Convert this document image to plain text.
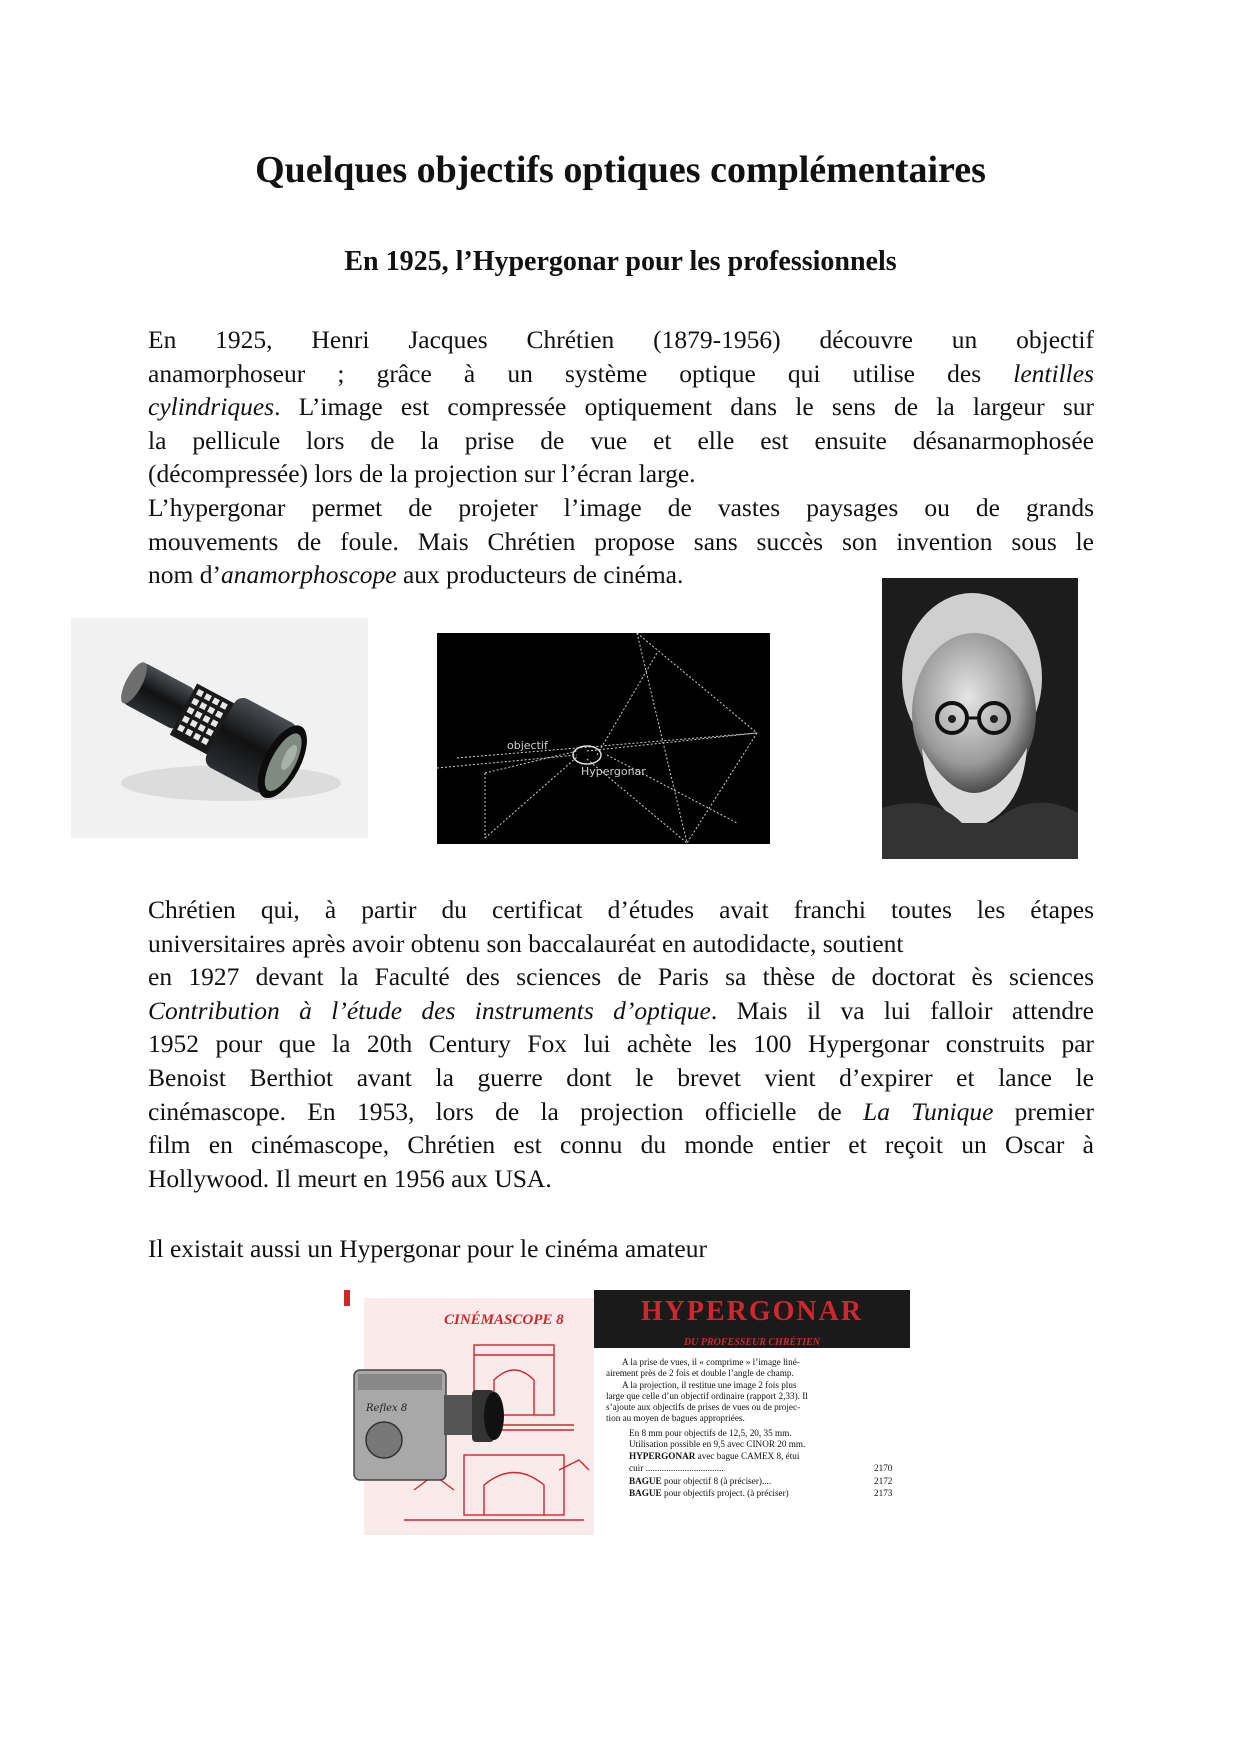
Quelques objectifs optiques complémentaires
En 1925, l’Hypergonar pour les professionnels
En 1925, Henri Jacques Chrétien (1879-1956) découvre un objectif
anamorphoseur ; grâce à un système optique qui utilise des lentilles
cylindriques. L’image est compressée optiquement dans le sens de la largeur sur
la pellicule lors de la prise de vue et elle est ensuite désanarmophosée
(décompressée) lors de la projection sur l’écran large.
L’hypergonar permet de projeter l’image de vastes paysages ou de grands
mouvements de foule. Mais Chrétien propose sans succès son invention sous le
nom d’anamorphoscope aux producteurs de cinéma.
objectif
Hypergonar
Chrétien qui, à partir du certificat d’études avait franchi toutes les étapes
universitaires après avoir obtenu son baccalauréat en autodidacte, soutient
en 1927 devant la Faculté des sciences de Paris sa thèse de doctorat ès sciences
Contribution à l’étude des instruments d’optique. Mais il va lui falloir attendre
1952 pour que la 20th Century Fox lui achète les 100 Hypergonar construits par
Benoist Berthiot avant la guerre dont le brevet vient d’expirer et lance le
cinémascope. En 1953, lors de la projection officielle de La Tunique premier
film en cinémascope, Chrétien est connu du monde entier et reçoit un Oscar à
Hollywood. Il meurt en 1956 aux USA.
Il existait aussi un Hypergonar pour le cinéma amateur
CINÉMASCOPE 8
Reflex 8
HYPERGONAR
DU PROFESSEUR CHRÉTIEN
A la prise de vues, il « comprime » l’image liné-
airement près de 2 fois et double l’angle de champ.
A la projection, il restitue une image 2 fois plus
large que celle d’un objectif ordinaire (rapport 2,33). Il
s’ajoute aux objectifs de prises de vues ou de projec-
tion au moyen de bagues appropriées.
En 8 mm pour objectifs de 12,5, 20, 35 mm.
Utilisation possible en 9,5 avec CINOR 20 mm.
HYPERGONAR avec bague CAMEX 8, étui
cuir ..................................	2170
BAGUE pour objectif 8 (à préciser)....	2172
BAGUE pour objectifs project. (à préciser)	2173
